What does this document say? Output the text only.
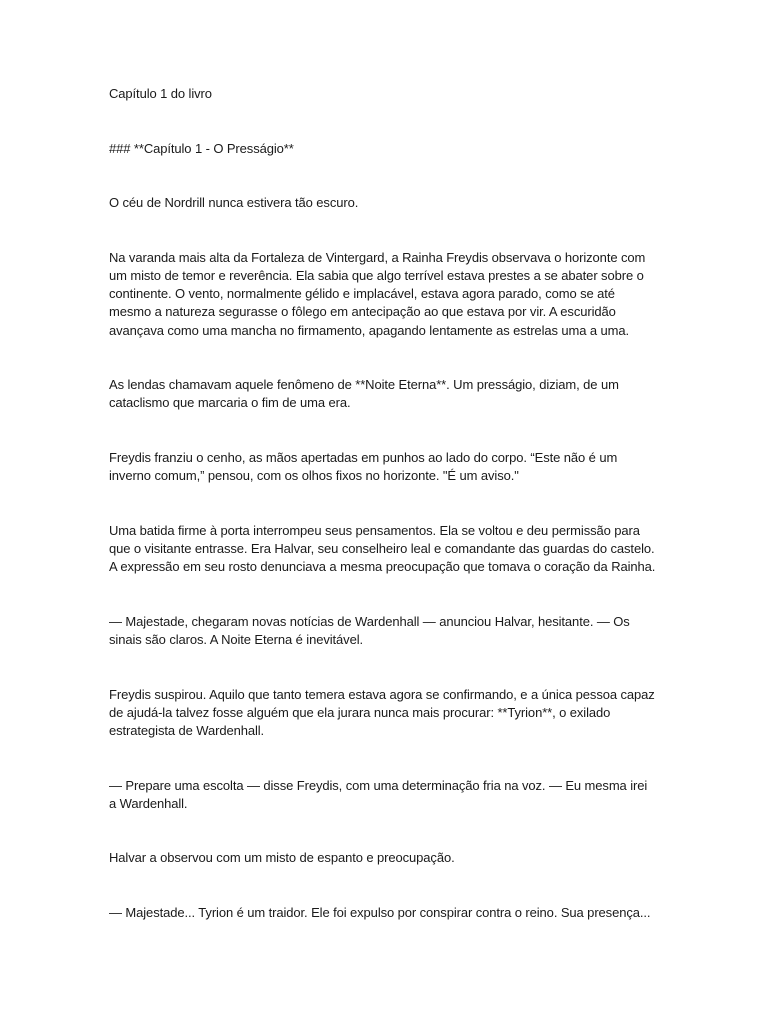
Capítulo 1 do livro

### **Capítulo 1 - O Presságio**

O céu de Nordrill nunca estivera tão escuro.

Na varanda mais alta da Fortaleza de Vintergard, a Rainha Freydis observava o horizonte com um misto de temor e reverência. Ela sabia que algo terrível estava prestes a se abater sobre o continente. O vento, normalmente gélido e implacável, estava agora parado, como se até mesmo a natureza segurasse o fôlego em antecipação ao que estava por vir. A escuridão avançava como uma mancha no firmamento, apagando lentamente as estrelas uma a uma.

As lendas chamavam aquele fenômeno de **Noite Eterna**. Um presságio, diziam, de um cataclismo que marcaria o fim de uma era.

Freydis franziu o cenho, as mãos apertadas em punhos ao lado do corpo. “Este não é um inverno comum,” pensou, com os olhos fixos no horizonte. "É um aviso."

Uma batida firme à porta interrompeu seus pensamentos. Ela se voltou e deu permissão para que o visitante entrasse. Era Halvar, seu conselheiro leal e comandante das guardas do castelo. A expressão em seu rosto denunciava a mesma preocupação que tomava o coração da Rainha.

— Majestade, chegaram novas notícias de Wardenhall — anunciou Halvar, hesitante. — Os sinais são claros. A Noite Eterna é inevitável.

Freydis suspirou. Aquilo que tanto temera estava agora se confirmando, e a única pessoa capaz de ajudá-la talvez fosse alguém que ela jurara nunca mais procurar: **Tyrion**, o exilado estrategista de Wardenhall.

— Prepare uma escolta — disse Freydis, com uma determinação fria na voz. — Eu mesma irei a Wardenhall.

Halvar a observou com um misto de espanto e preocupação.

— Majestade... Tyrion é um traidor. Ele foi expulso por conspirar contra o reino. Sua presença...
